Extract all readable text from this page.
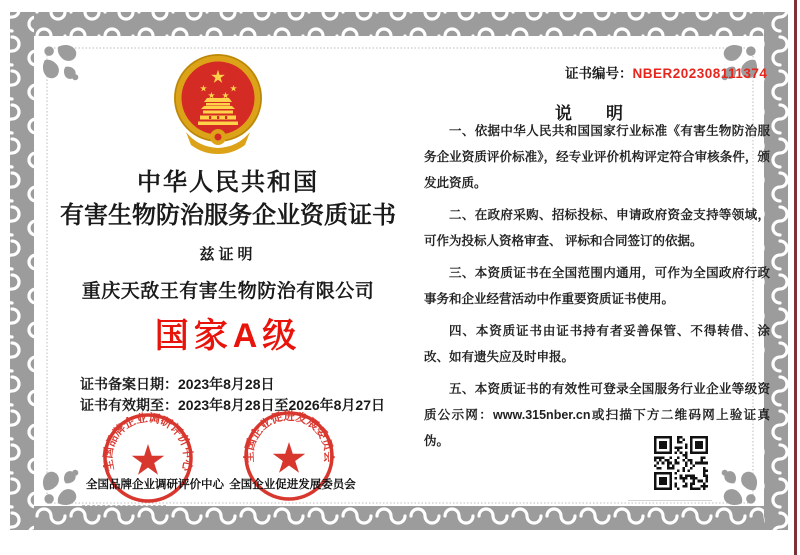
中华人民共和国
有害生物防治服务企业资质证书
兹证明
重庆天敌王有害生物防治有限公司
国家A级
证书备案日期：2023年8月28日
证书有效期至：2023年8月28日至2026年8月27日
证书编号：NBER202308111374
说　　明

一、依据中华人民共和国国家行业标准《有害生物防治服务企业资质评价标准》，经专业评价机构评定符合审核条件，颁发此资质。

二、在政府采购、招标投标、申请政府资金支持等领域，可作为投标人资格审查、 评标和合同签订的依据。

三、本资质证书在全国范围内通用，可作为全国政府行政事务和企业经营活动中作重要资质证书使用。

四、本资质证书由证书持有者妥善保管、不得转借、涂改、如有遗失应及时申报。

五、本资质证书的有效性可登录全国服务行业企业等级资质公示网：www.315nber.cn或扫描下方二维码网上验证真伪。

全国品牌企业调研评价中心
全国品牌企业调研评价中心
全国企业促进发展委员会
全国企业促进发展委员会
